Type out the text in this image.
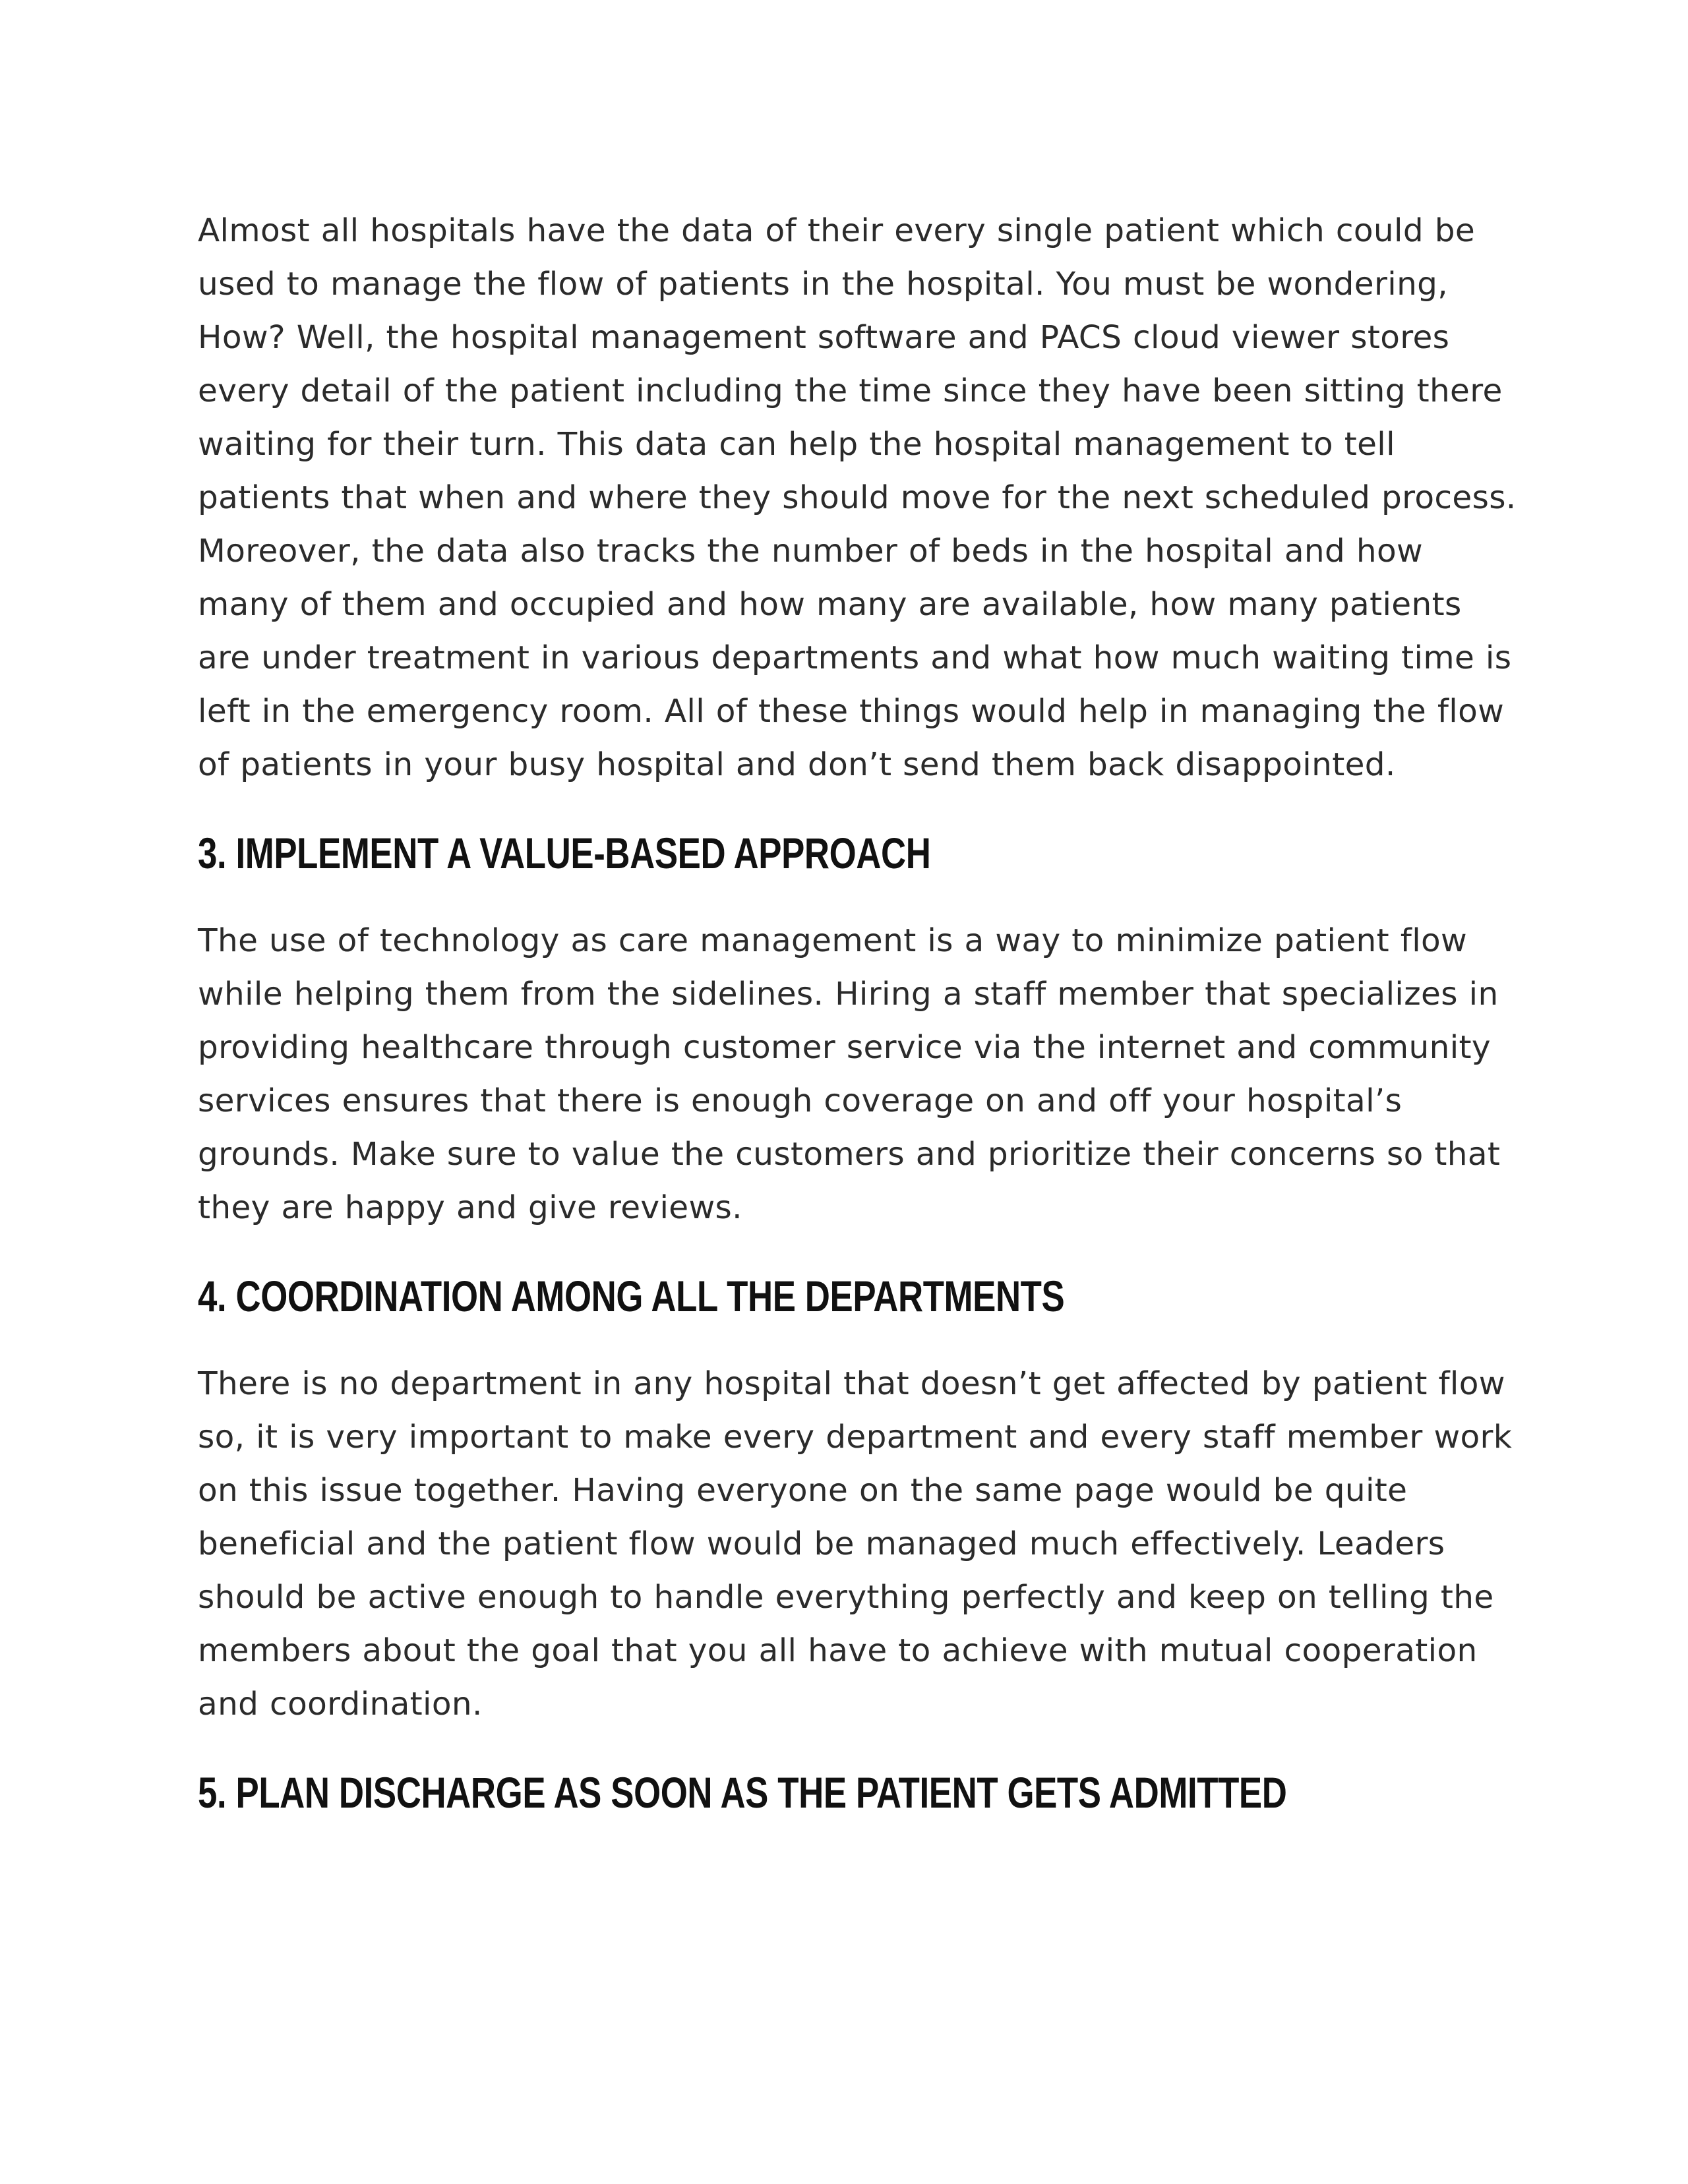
Almost all hospitals have the data of their every single patient which could be
used to manage the flow of patients in the hospital. You must be wondering,
How? Well, the hospital management software and PACS cloud viewer stores
every detail of the patient including the time since they have been sitting there
waiting for their turn. This data can help the hospital management to tell
patients that when and where they should move for the next scheduled process.
Moreover, the data also tracks the number of beds in the hospital and how
many of them and occupied and how many are available, how many patients
are under treatment in various departments and what how much waiting time is
left in the emergency room. All of these things would help in managing the flow
of patients in your busy hospital and don’t send them back disappointed.

3. IMPLEMENT A VALUE-BASED APPROACH

The use of technology as care management is a way to minimize patient flow
while helping them from the sidelines. Hiring a staff member that specializes in
providing healthcare through customer service via the internet and community
services ensures that there is enough coverage on and off your hospital’s
grounds. Make sure to value the customers and prioritize their concerns so that
they are happy and give reviews.

4. COORDINATION AMONG ALL THE DEPARTMENTS

There is no department in any hospital that doesn’t get affected by patient flow
so, it is very important to make every department and every staff member work
on this issue together. Having everyone on the same page would be quite
beneficial and the patient flow would be managed much effectively. Leaders
should be active enough to handle everything perfectly and keep on telling the
members about the goal that you all have to achieve with mutual cooperation
and coordination.

5. PLAN DISCHARGE AS SOON AS THE PATIENT GETS ADMITTED
